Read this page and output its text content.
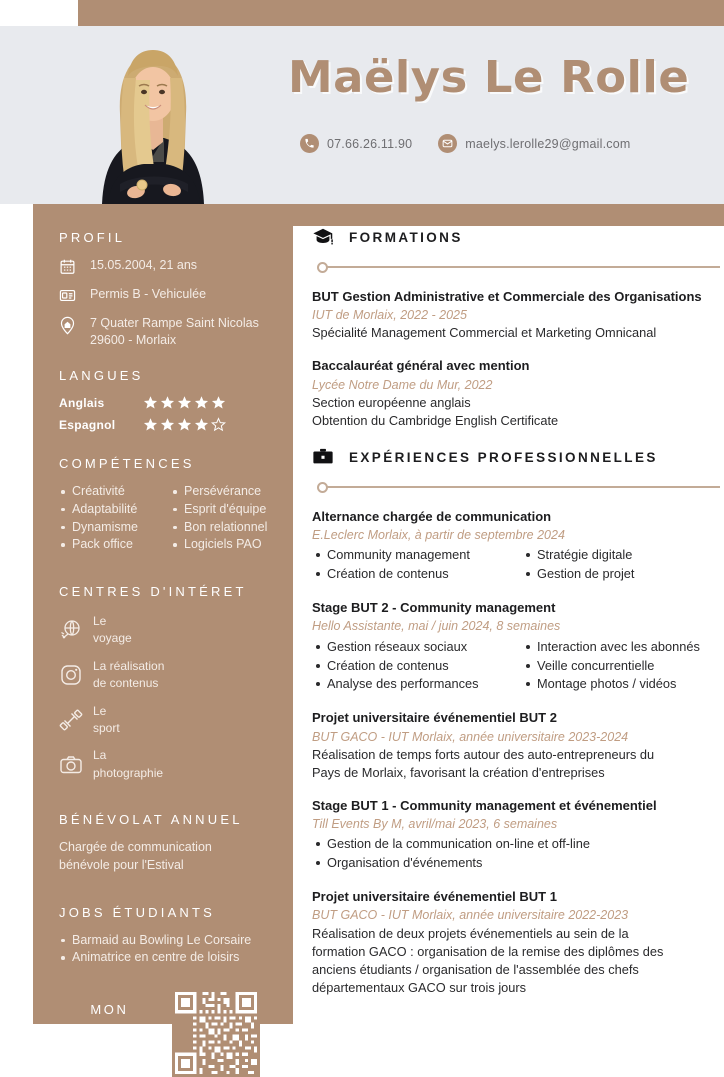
Maëlys Le Rolle
07.66.26.11.90	maelys.lerolle29@gmail.com
PROFIL
15.05.2004, 21 ans
Permis B - Vehiculée
7 Quater Rampe Saint Nicolas
29600 - Morlaix
LANGUES
Anglais
Espagnol
COMPÉTENCES
Créativité
Adaptabilité
Dynamisme
Pack office
Persévérance
Esprit d'équipe
Bon relationnel
Logiciels PAO
CENTRES D'INTÉRET
Le
voyage
La réalisation
de contenus
Le
sport
La
photographie
BÉNÉVOLAT ANNUEL
Chargée de communication
bénévole pour l'Estival
JOBS ÉTUDIANTS
Barmaid au Bowling Le Corsaire
Animatrice en centre de loisirs
MON
PROFIL
LINKEDIN
FORMATIONS
BUT Gestion Administrative et Commerciale des Organisations
IUT de Morlaix, 2022 - 2025
Spécialité Management Commercial et Marketing Omnicanal
Baccalauréat général avec mention
Lycée Notre Dame du Mur, 2022
Section européenne anglais
Obtention du Cambridge English Certificate
EXPÉRIENCES PROFESSIONNELLES
Alternance chargée de communication
E.Leclerc Morlaix, à partir de septembre 2024
Community management
Création de contenus
Stratégie digitale
Gestion de projet
Stage BUT 2 - Community management
Hello Assistante, mai / juin 2024, 8 semaines
Gestion réseaux sociaux
Création de contenus
Analyse des performances
Interaction avec les abonnés
Veille concurrentielle
Montage photos / vidéos
Projet universitaire événementiel BUT 2
BUT GACO - IUT Morlaix, année universitaire 2023-2024
Réalisation de temps forts autour des auto-entrepreneurs du
Pays de Morlaix, favorisant la création d'entreprises
Stage BUT 1 - Community management et événementiel
Till Events By M, avril/mai 2023, 6 semaines
Gestion de la communication on-line et off-line
Organisation d'événements
Projet universitaire événementiel BUT 1
BUT GACO - IUT Morlaix, année universitaire 2022-2023
Réalisation de deux projets événementiels au sein de la
formation GACO : organisation de la remise des diplômes des
anciens étudiants / organisation de l'assemblée des chefs
départementaux GACO sur trois jours
